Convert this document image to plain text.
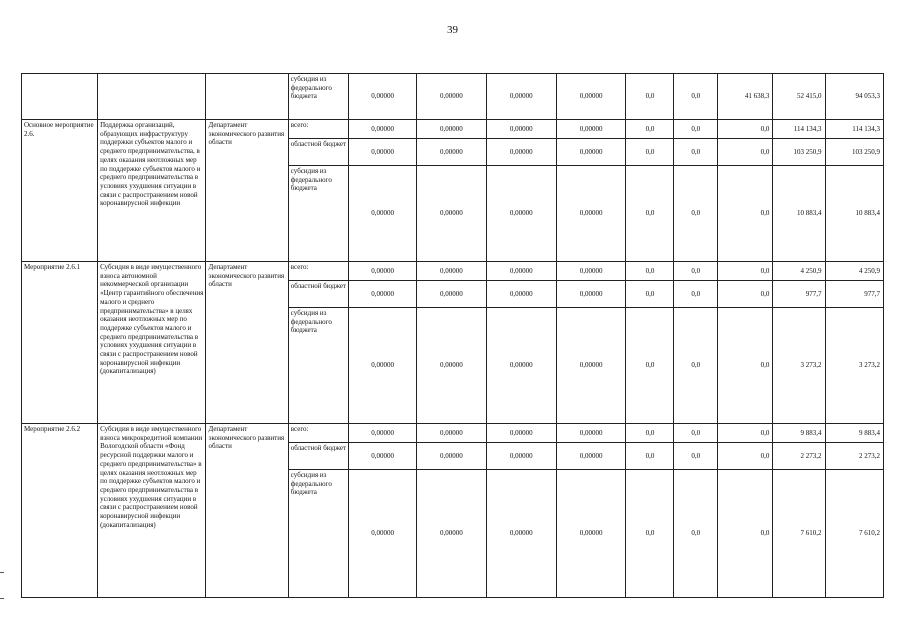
39
			субсидия из федерального бюджета	0,00000	0,00000	0,00000	0,00000	0,0	0,0	41 638,3	52 415,0	94 053,3
Основное мероприятие 2.6.	Поддержка организаций, образующих инфраструктуру поддержки субъектов малого и среднего предпринимательства, в целях оказания неотложных мер по поддержке субъектов малого и среднего предпринимательства в условиях ухудшения ситуации в связи с распространением новой коронавирусной инфекции	Департамент экономического развития области	всего:	0,00000	0,00000	0,00000	0,00000	0,0	0,0	0,0	114 134,3	114 134,3
			областной бюджет	0,00000	0,00000	0,00000	0,00000	0,0	0,0	0,0	103 250,9	103 250,9
			субсидия из федерального бюджета	0,00000	0,00000	0,00000	0,00000	0,0	0,0	0,0	10 883,4	10 883,4
Мероприятие 2.6.1	Субсидия в виде имущественного взноса автономной некоммерческой организации «Центр гарантийного обеспечения малого и среднего предпринимательства» в целях оказания неотложных мер по поддержке субъектов малого и среднего предпринимательства в условиях ухудшения ситуации в связи с распространением новой коронавирусной инфекции (докапитализация)	Департамент экономического развития области	всего:	0,00000	0,00000	0,00000	0,00000	0,0	0,0	0,0	4 250,9	4 250,9
			областной бюджет	0,00000	0,00000	0,00000	0,00000	0,0	0,0	0,0	977,7	977,7
			субсидия из федерального бюджета	0,00000	0,00000	0,00000	0,00000	0,0	0,0	0,0	3 273,2	3 273,2
Мероприятие 2.6.2	Субсидия в виде имущественного взноса микрокредитной компании Вологодской области «Фонд ресурсной поддержки малого и среднего предпринимательства» в целях оказания неотложных мер по поддержке субъектов малого и среднего предпринимательства в условиях ухудшения ситуации в связи с распространением новой коронавирусной инфекции (докапитализация)	Департамент экономического развития области	всего:	0,00000	0,00000	0,00000	0,00000	0,0	0,0	0,0	9 883,4	9 883,4
			областной бюджет	0,00000	0,00000	0,00000	0,00000	0,0	0,0	0,0	2 273,2	2 273,2
			субсидия из федерального бюджета	0,00000	0,00000	0,00000	0,00000	0,0	0,0	0,0	7 610,2	7 610,2
